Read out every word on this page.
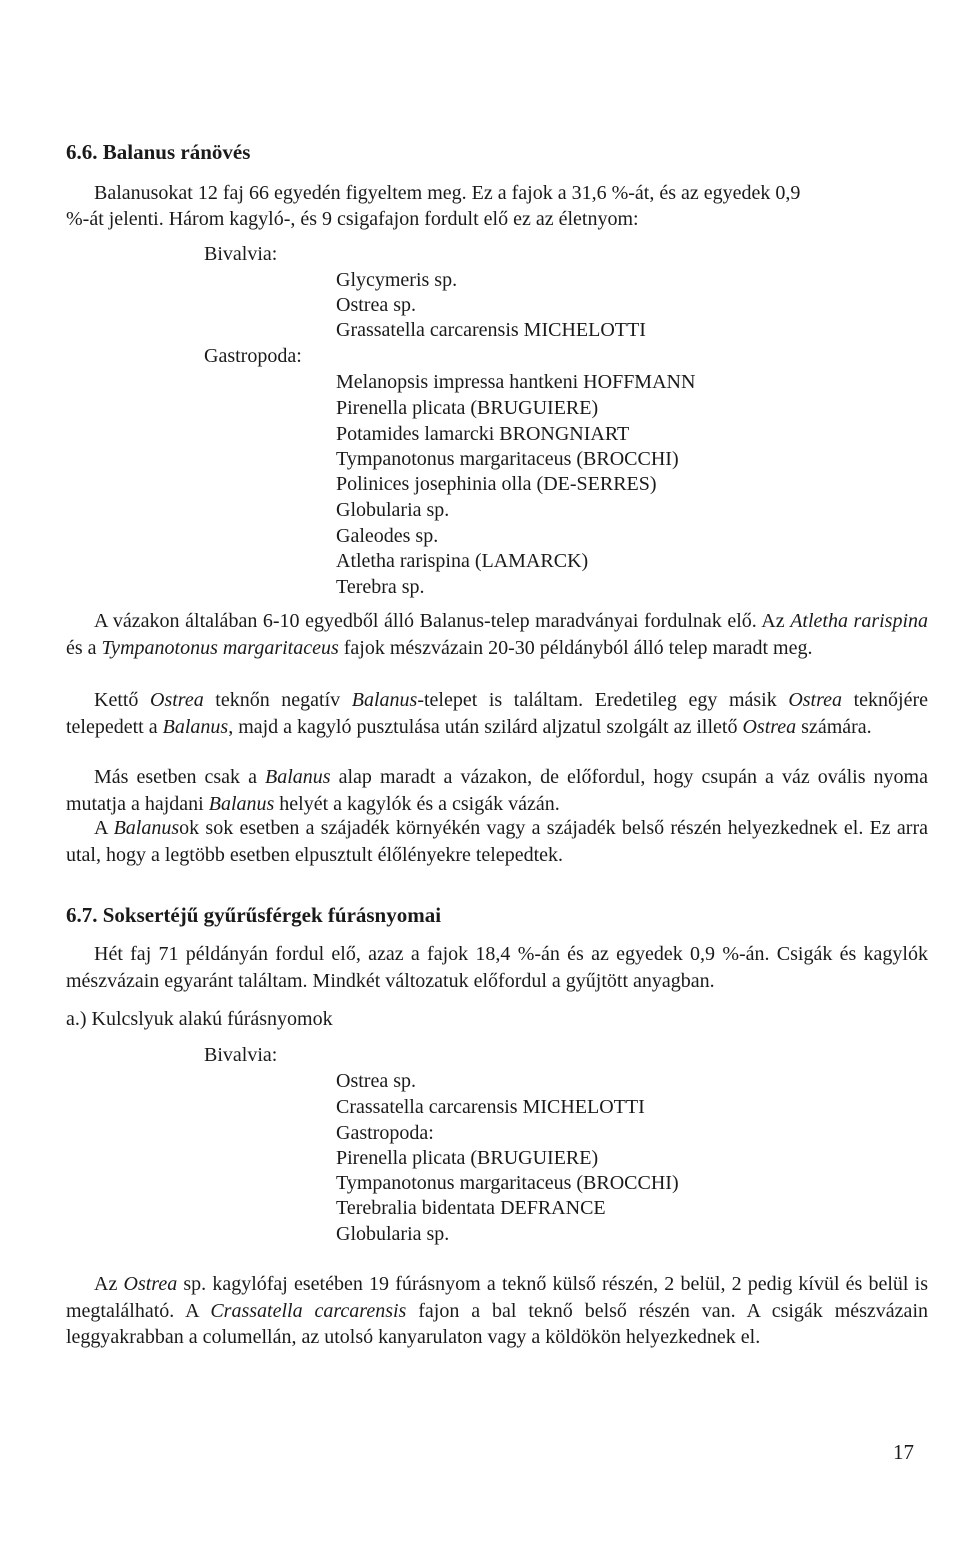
6.6. Balanus ránövés
Balanusokat 12 faj 66 egyedén figyeltem meg. Ez a fajok a 31,6 %-át, és az egyedek 0,9
%-át jelenti. Három kagyló-, és 9 csigafajon fordult elő ez az életnyom:
Bivalvia:
Glycymeris sp.
Ostrea sp.
Grassatella carcarensis MICHELOTTI
Gastropoda:
Melanopsis impressa hantkeni HOFFMANN
Pirenella plicata (BRUGUIERE)
Potamides lamarcki BRONGNIART
Tympanotonus margaritaceus (BROCCHI)
Polinices josephinia olla (DE-SERRES)
Globularia sp.
Galeodes sp.
Atletha rarispina (LAMARCK)
Terebra sp.

A vázakon általában 6-10 egyedből álló Balanus-telep maradványai fordulnak elő. Az Atletha rarispina és a Tympanotonus margaritaceus fajok mészvázain 20-30 példányból álló telep maradt meg.

Kettő Ostrea teknőn negatív Balanus-telepet is találtam. Eredetileg egy másik Ostrea teknőjére telepedett a Balanus, majd a kagyló pusztulása után szilárd aljzatul szolgált az illető Ostrea számára.

Más esetben csak a Balanus alap maradt a vázakon, de előfordul, hogy csupán a váz ovális nyoma mutatja a hajdani Balanus helyét a kagylók és a csigák vázán.

A Balanusok sok esetben a szájadék környékén vagy a szájadék belső részén helyezkednek el. Ez arra utal, hogy a legtöbb esetben elpusztult élőlényekre telepedtek.

6.7. Soksertéjű gyűrűsférgek fúrásnyomai

Hét faj 71 példányán fordul elő, azaz a fajok 18,4 %-án és az egyedek 0,9 %-án. Csigák és kagylók mészvázain egyaránt találtam. Mindkét változatuk előfordul a gyűjtött anyagban.

a.) Kulcslyuk alakú fúrásnyomok
Bivalvia:
Ostrea sp.
Crassatella carcarensis MICHELOTTI
Gastropoda:
Pirenella plicata (BRUGUIERE)
Tympanotonus margaritaceus (BROCCHI)
Terebralia bidentata DEFRANCE
Globularia sp.

Az Ostrea sp. kagylófaj esetében 19 fúrásnyom a teknő külső részén, 2 belül, 2 pedig kívül és belül is megtalálható. A Crassatella carcarensis fajon a bal teknő belső részén van. A csigák mészvázain leggyakrabban a columellán, az utolsó kanyarulaton vagy a köldökön helyezkednek el.

17
